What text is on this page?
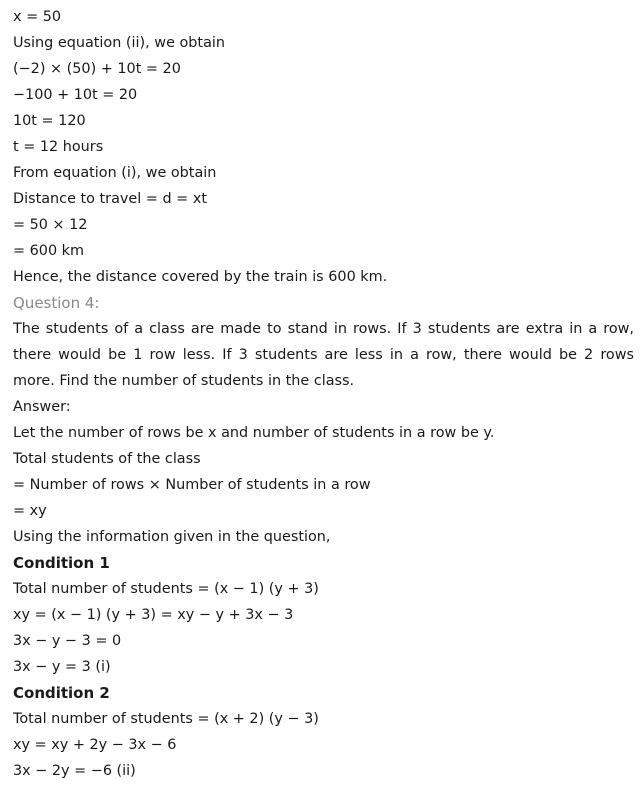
x = 50
Using equation (ii), we obtain
(−2) × (50) + 10t = 20
−100 + 10t = 20
10t = 120
t = 12 hours
From equation (i), we obtain
Distance to travel = d = xt
= 50 × 12
= 600 km
Hence, the distance covered by the train is 600 km.
Question 4:
The students of a class are made to stand in rows. If 3 students are extra in a row, there would be 1 row less. If 3 students are less in a row, there would be 2 rows more. Find the number of students in the class.
Answer:
Let the number of rows be x and number of students in a row be y.
Total students of the class
= Number of rows × Number of students in a row
= xy
Using the information given in the question,
Condition 1
Total number of students = (x − 1) (y + 3)
xy = (x − 1) (y + 3) = xy − y + 3x − 3
3x − y − 3 = 0
3x − y = 3 (i)
Condition 2
Total number of students = (x + 2) (y − 3)
xy = xy + 2y − 3x − 6
3x − 2y = −6 (ii)
